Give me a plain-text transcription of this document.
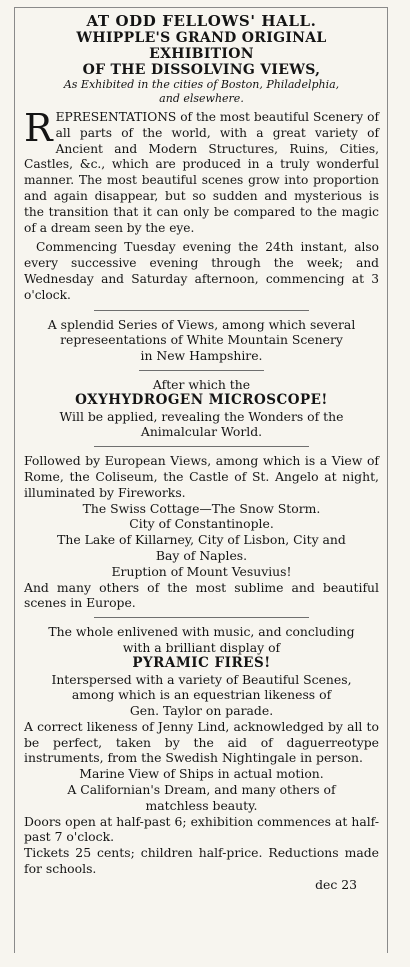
AT ODD FELLOWS' HALL.
WHIPPLE'S GRAND ORIGINAL EXHIBITION
OF THE DISSOLVING VIEWS,
As Exhibited in the cities of Boston, Philadelphia,
and elsewhere.
R EPRESENTATIONS of the most beautiful Scenery of all parts of the world, with a great variety of Ancient and Modern Structures, Ruins, Cities, Castles, &c., which are produced in a truly wonderful manner. The most beautiful scenes grow into proportion and again disappear, but so sudden and mysterious is the transition that it can only be compared to the magic of a dream seen by the eye.

Commencing Tuesday evening the 24th instant, also every successive evening through the week; and Wednesday and Saturday afternoon, commencing at 3 o'clock.

A splendid Series of Views, among which several
represeentations of White Mountain Scenery
in New Hampshire.
After which the
OXYHYDROGEN MICROSCOPE!
Will be applied, revealing the Wonders of the
Animalcular World.
Followed by European Views, among which is a View of Rome, the Coliseum, the Castle of St. Angelo at night, illuminated by Fireworks.
The Swiss Cottage—The Snow Storm.
City of Constantinople.
The Lake of Killarney, City of Lisbon, City and
Bay of Naples.
Eruption of Mount Vesuvius!
And many others of the most sublime and beautiful scenes in Europe.
The whole enlivened with music, and concluding
with a brilliant display of
PYRAMIC FIRES!
Interspersed with a variety of Beautiful Scenes,
among which is an equestrian likeness of
Gen. Taylor on parade.
A correct likeness of Jenny Lind, acknowledged by all to be perfect, taken by the aid of daguerreotype instruments, from the Swedish Nightingale in person.
Marine View of Ships in actual motion.
A Californian's Dream, and many others of
matchless beauty.
Doors open at half-past 6; exhibition commences at half-past 7 o'clock.
Tickets 25 cents; children half-price. Reductions made for schools.
dec 23
